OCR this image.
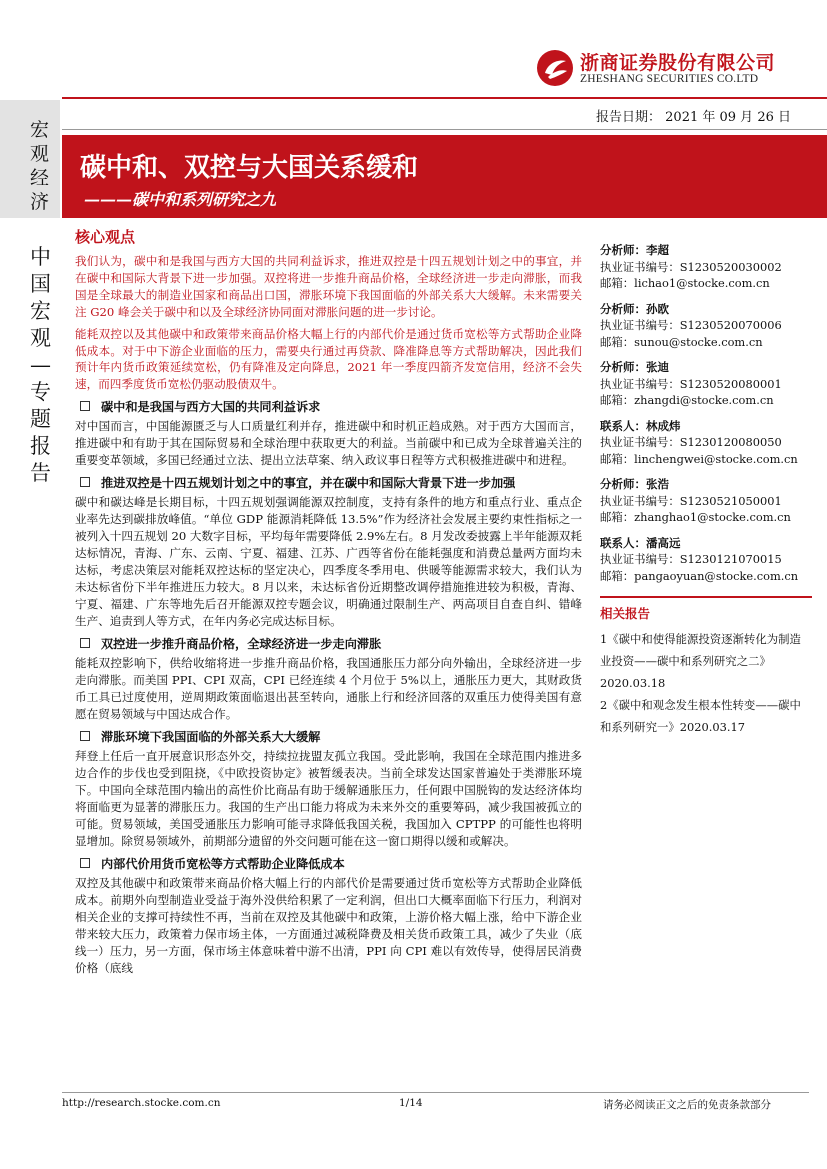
浙商证券股份有限公司
ZHESHANG SECURITIES CO.LTD
报告日期： 2021 年 09 月 26 日
宏观经济
中国宏观—专题报告
碳中和、双控与大国关系缓和
———碳中和系列研究之九
核心观点

我们认为，碳中和是我国与西方大国的共同利益诉求，推进双控是十四五规划计划之中的事宜，并在碳中和国际大背景下进一步加强。双控将进一步推升商品价格，全球经济进一步走向滞胀，而我国是全球最大的制造业国家和商品出口国，滞胀环境下我国面临的外部关系大大缓解。未来需要关注 G20 峰会关于碳中和以及全球经济协同面对滞胀问题的进一步讨论。

能耗双控以及其他碳中和政策带来商品价格大幅上行的内部代价是通过货币宽松等方式帮助企业降低成本。对于中下游企业面临的压力，需要央行通过再贷款、降准降息等方式帮助解决，因此我们预计年内货币政策延续宽松，仍有降准及定向降息，2021 年一季度四箭齐发宽信用，经济不会失速，而四季度货币宽松仍驱动股债双牛。

碳中和是我国与西方大国的共同利益诉求

对中国而言，中国能源匮乏与人口质量红利并存，推进碳中和时机正趋成熟。对于西方大国而言，推进碳中和有助于其在国际贸易和全球治理中获取更大的利益。当前碳中和已成为全球普遍关注的重要变革领域，多国已经通过立法、提出立法草案、纳入政议事日程等方式积极推进碳中和进程。

推进双控是十四五规划计划之中的事宜，并在碳中和国际大背景下进一步加强

碳中和碳达峰是长期目标，十四五规划强调能源双控制度，支持有条件的地方和重点行业、重点企业率先达到碳排放峰值。“单位 GDP 能源消耗降低 13.5%”作为经济社会发展主要约束性指标之一被列入十四五规划 20 大数字目标，平均每年需要降低 2.9%左右。8 月发改委披露上半年能源双耗达标情况，青海、广东、云南、宁夏、福建、江苏、广西等省份在能耗强度和消费总量两方面均未达标，考虑决策层对能耗双控达标的坚定决心，四季度冬季用电、供暖等能源需求较大，我们认为未达标省份下半年推进压力较大。8 月以来，未达标省份近期整改调停措施推进较为积极，青海、宁夏、福建、广东等地先后召开能源双控专题会议，明确通过限制生产、两高项目自查自纠、错峰生产、追责到人等方式，在年内务必完成达标目标。

双控进一步推升商品价格，全球经济进一步走向滞胀

能耗双控影响下，供给收缩将进一步推升商品价格，我国通胀压力部分向外输出，全球经济进一步走向滞胀。而美国 PPI、CPI 双高，CPI 已经连续 4 个月位于 5%以上，通胀压力更大，其财政货币工具已过度使用，逆周期政策面临退出甚至转向，通胀上行和经济回落的双重压力使得美国有意愿在贸易领域与中国达成合作。

滞胀环境下我国面临的外部关系大大缓解

拜登上任后一直开展意识形态外交，持续拉拢盟友孤立我国。受此影响，我国在全球范围内推进多边合作的步伐也受到阻挠，《中欧投资协定》被暂缓表决。当前全球发达国家普遍处于类滞胀环境下。中国向全球范围内输出的高性价比商品有助于缓解通胀压力，任何跟中国脱钩的发达经济体均将面临更为显著的滞胀压力。我国的生产出口能力将成为未来外交的重要筹码，减少我国被孤立的可能。贸易领域，美国受通胀压力影响可能寻求降低我国关税，我国加入 CPTPP 的可能性也将明显增加。除贸易领域外，前期部分遗留的外交问题可能在这一窗口期得以缓和或解决。

内部代价用货币宽松等方式帮助企业降低成本

双控及其他碳中和政策带来商品价格大幅上行的内部代价是需要通过货币宽松等方式帮助企业降低成本。前期外向型制造业受益于海外没供给积累了一定利润，但出口大概率面临下行压力，利润对相关企业的支撑可持续性不再，当前在双控及其他碳中和政策，上游价格大幅上涨，给中下游企业带来较大压力，政策着力保市场主体，一方面通过减税降费及相关货币政策工具，减少了失业（底线一）压力，另一方面，保市场主体意味着中游不出清，PPI 向 CPI 难以有效传导，使得居民消费价格（底线

分析师：李超
执业证书编号：S1230520030002
邮箱：lichao1@stocke.com.cn
分析师：孙欧
执业证书编号：S1230520070006
邮箱：sunou@stocke.com.cn
分析师：张迪
执业证书编号：S1230520080001
邮箱：zhangdi@stocke.com.cn
联系人：林成炜
执业证书编号：S1230120080050
邮箱：linchengwei@stocke.com.cn
分析师：张浩
执业证书编号：S1230521050001
邮箱：zhanghao1@stocke.com.cn
联系人：潘高远
执业证书编号：S1230121070015
邮箱：pangaoyuan@stocke.com.cn
相关报告
1《碳中和使得能源投资逐渐转化为制造业投资——碳中和系列研究之二》2020.03.18
2《碳中和观念发生根本性转变——碳中和系列研究一》2020.03.17
http://research.stocke.com.cn	1/14	请务必阅读正文之后的免责条款部分
